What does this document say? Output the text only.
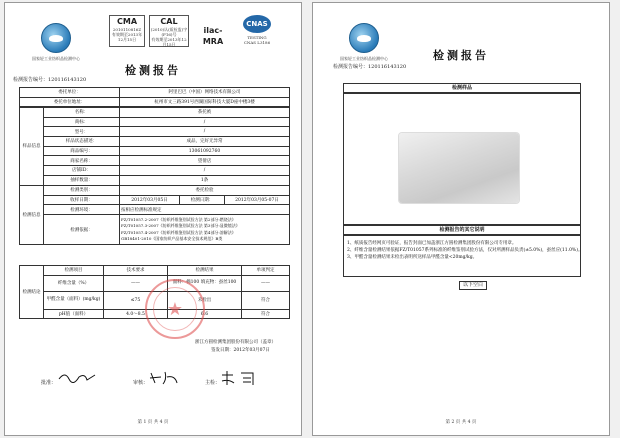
国家轻工业纺织品检测中心
CMA
2010110816Z
有效期至2013年12月15日
CAL
(2010)认(质检监)字(F16)号
有效期至2013年12月15日
ilac-MRA
CNAS
TESTING
CNAS L3186
检测报告
检测报告编号：120116143120
委托单位：	阿里巴巴（中国）网络技术有限公司
委托单位地址：	杭州市文三路391号西湖国际科技大厦D座中楼3楼
样品信息	名称：	茶托被
	商标：	/
	型号：	/
	样品状态描述：	成品，完好无异常
	商品编号：	13061092760
	商家名称：	望倩店
	店铺ID：	/
	抽样数量：	1条
检测信息	检测类别：	委托检验		
	收样日期：	2012年03月05日	检测日期：	2012年03月05-07日
	检测环境：	按相应检测标准规定		
	检测依据：	FZ/T01057.2-2007《纺织纤维鉴别试验方法 第2部分:燃烧法》
FZ/T01057.3-2007《纺织纤维鉴别试验方法 第3部分:显微镜法》
FZ/T01057.4-2007《纺织纤维鉴别试验方法 第4部分:溶解法》
GB18401-2010《国家纺织产品基本安全技术规范》B类		
检测结论	检测项目	技术要求	检测结果	单项判定
	纤维含量（%）	——	面料：棉100 填充物：蚕丝100	——
	甲醛含量（面料）(mg/kg)	≤75	未检出	符合
	pH值（面料）	4.0～8.5	6.6	符合
★
浙江方圆检测集团股份有限公司（盖章）
签发日期：2012年03月07日
批准：	审核：	主检：
第 1 页 共 4 页
国家轻工业纺织品检测中心	检测报告
检测报告编号：120116143120
检测样品
检测报告的其它说明
1、纸质报告经网页可验证，报告封面已加盖浙江方圆检测集团股份有限公司专用章。
2、纤维含量检测结果依据FZ/T01057系列标准的纤维鉴别试验方法，仅对所测样品负责(±5.0%)，蚕丝应(11.0%)。
3、甲醛含量检测结果未检出表明所送样品甲醛含量<20mg/kg。
以下空白
第 2 页 共 4 页
